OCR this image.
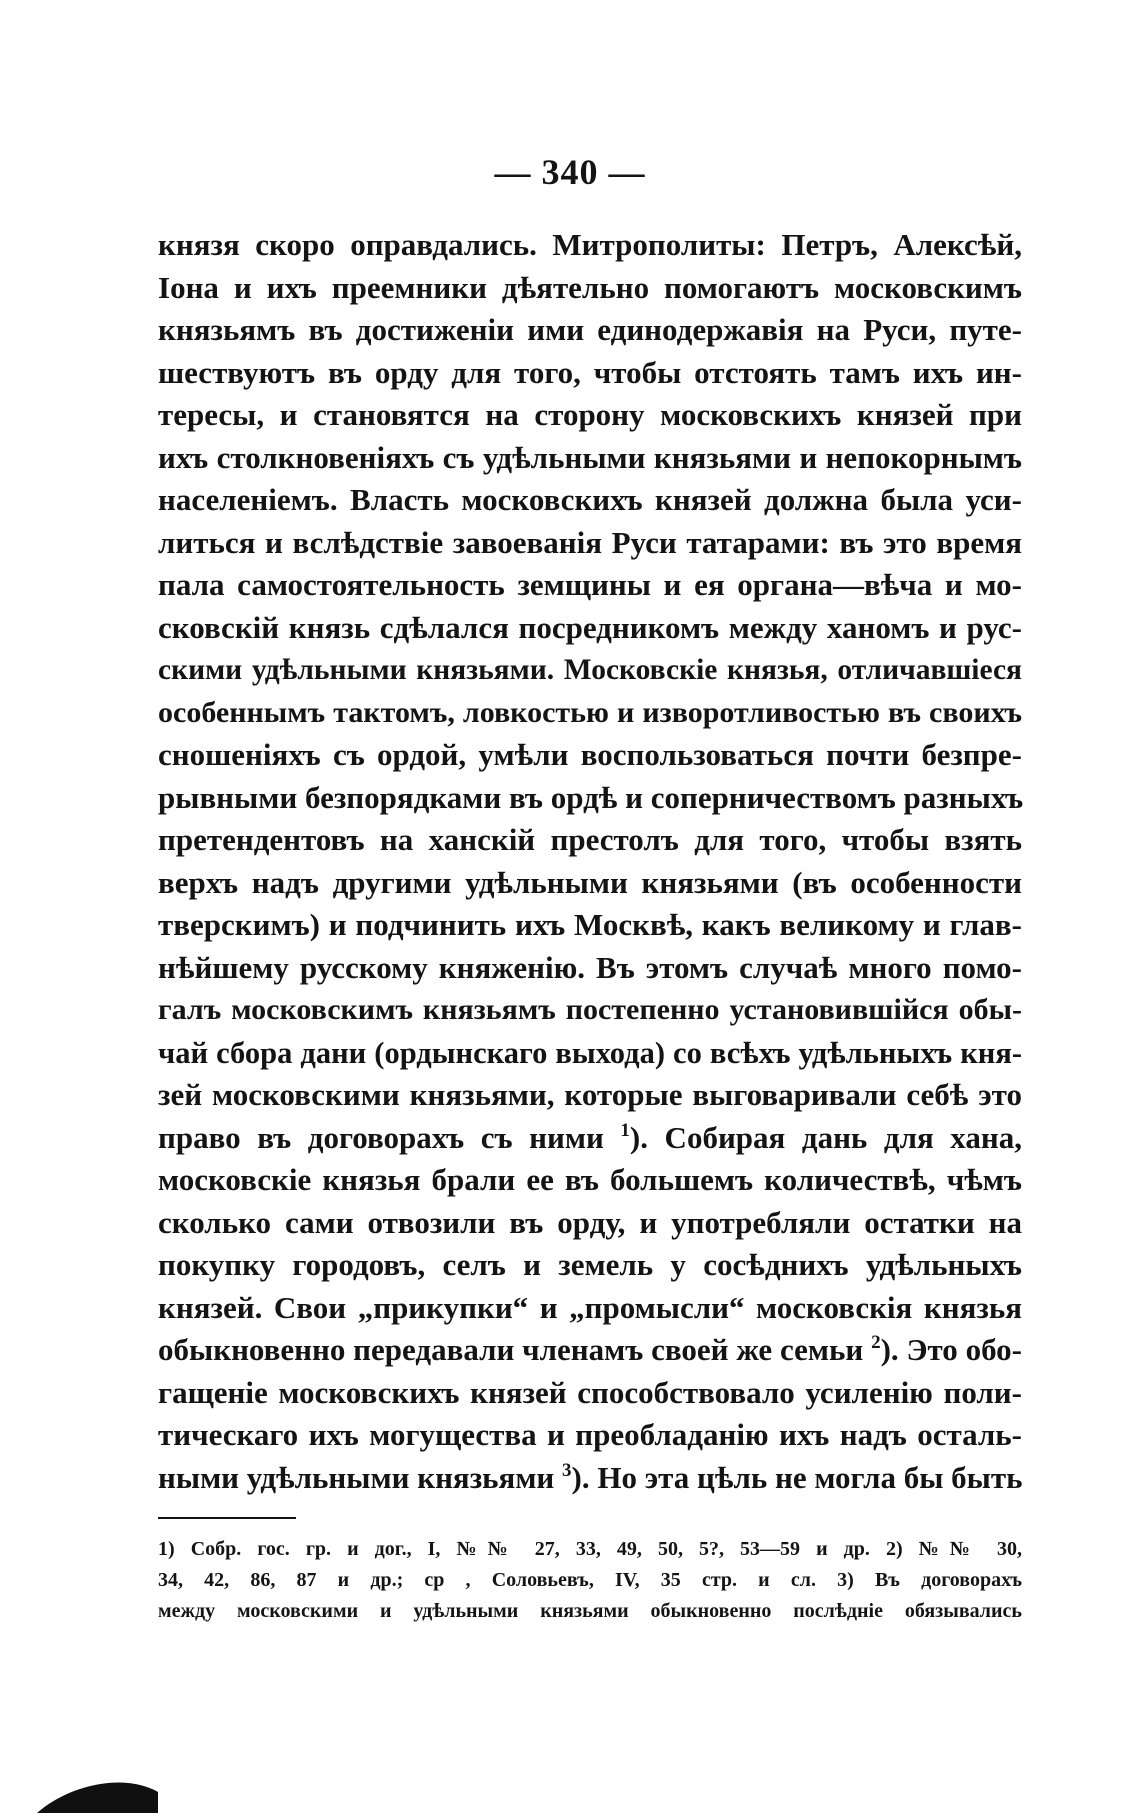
— 340 —
князя скоро оправдались. Митрополиты: Петръ, Алексѣй,
Іона и ихъ преемники дѣятельно помогаютъ московскимъ
князьямъ въ достиженіи ими единодержавія на Руси, путе-
шествуютъ въ орду для того, чтобы отстоять тамъ ихъ ин-
тересы, и становятся на сторону московскихъ князей при
ихъ столкновеніяхъ съ удѣльными князьями и непокорнымъ
населеніемъ. Власть московскихъ князей должна была уси-
литься и вслѣдствіе завоеванія Руси татарами: въ это время
пала самостоятельность земщины и ея органа—вѣча и мо-
сковскій князь сдѣлался посредникомъ между ханомъ и рус-
скими удѣльными князьями. Московскіе князья, отличавшіеся
особеннымъ тактомъ, ловкостью и изворотливостью въ своихъ
сношеніяхъ съ ордой, умѣли воспользоваться почти безпре-
рывными безпорядками въ ордѣ и соперничествомъ разныхъ
претендентовъ на ханскій престолъ для того, чтобы взять
верхъ надъ другими удѣльными князьями (въ особенности
тверскимъ) и подчинить ихъ Москвѣ, какъ великому и глав-
нѣйшему русскому княженію. Въ этомъ случаѣ много помо-
галъ московскимъ князьямъ постепенно установившійся обы-
чай сбора дани (ордынскаго выхода) со всѣхъ удѣльныхъ кня-
зей московскими князьями, которые выговаривали себѣ это
право въ договорахъ съ ними $^1$). Собирая дань для хана,
московскіе князья брали ее въ большемъ количествѣ, чѣмъ
сколько сами отвозили въ орду, и употребляли остатки на
покупку городовъ, селъ и земель у сосѣднихъ удѣльныхъ
князей. Свои „прикупки“ и „промысли“ московскія князья
обыкновенно передавали членамъ своей же семьи $^2$). Это обо-
гащеніе московскихъ князей способствовало усиленію поли-
тическаго ихъ могущества и преобладанію ихъ надъ осталь-
ными удѣльными князьями $^3$). Но эта цѣль не могла бы быть
1) Собр. гос. гр. и дог., I, №№ 27, 33, 49, 50, 5?, 53—59 и др. 2) №№ 30,
34, 42, 86, 87 и др.; ср , Соловьевъ, IV, 35 стр. и сл. 3) Въ договорахъ
между московскими и удѣльными князьями обыкновенно послѣдніе обязывались
